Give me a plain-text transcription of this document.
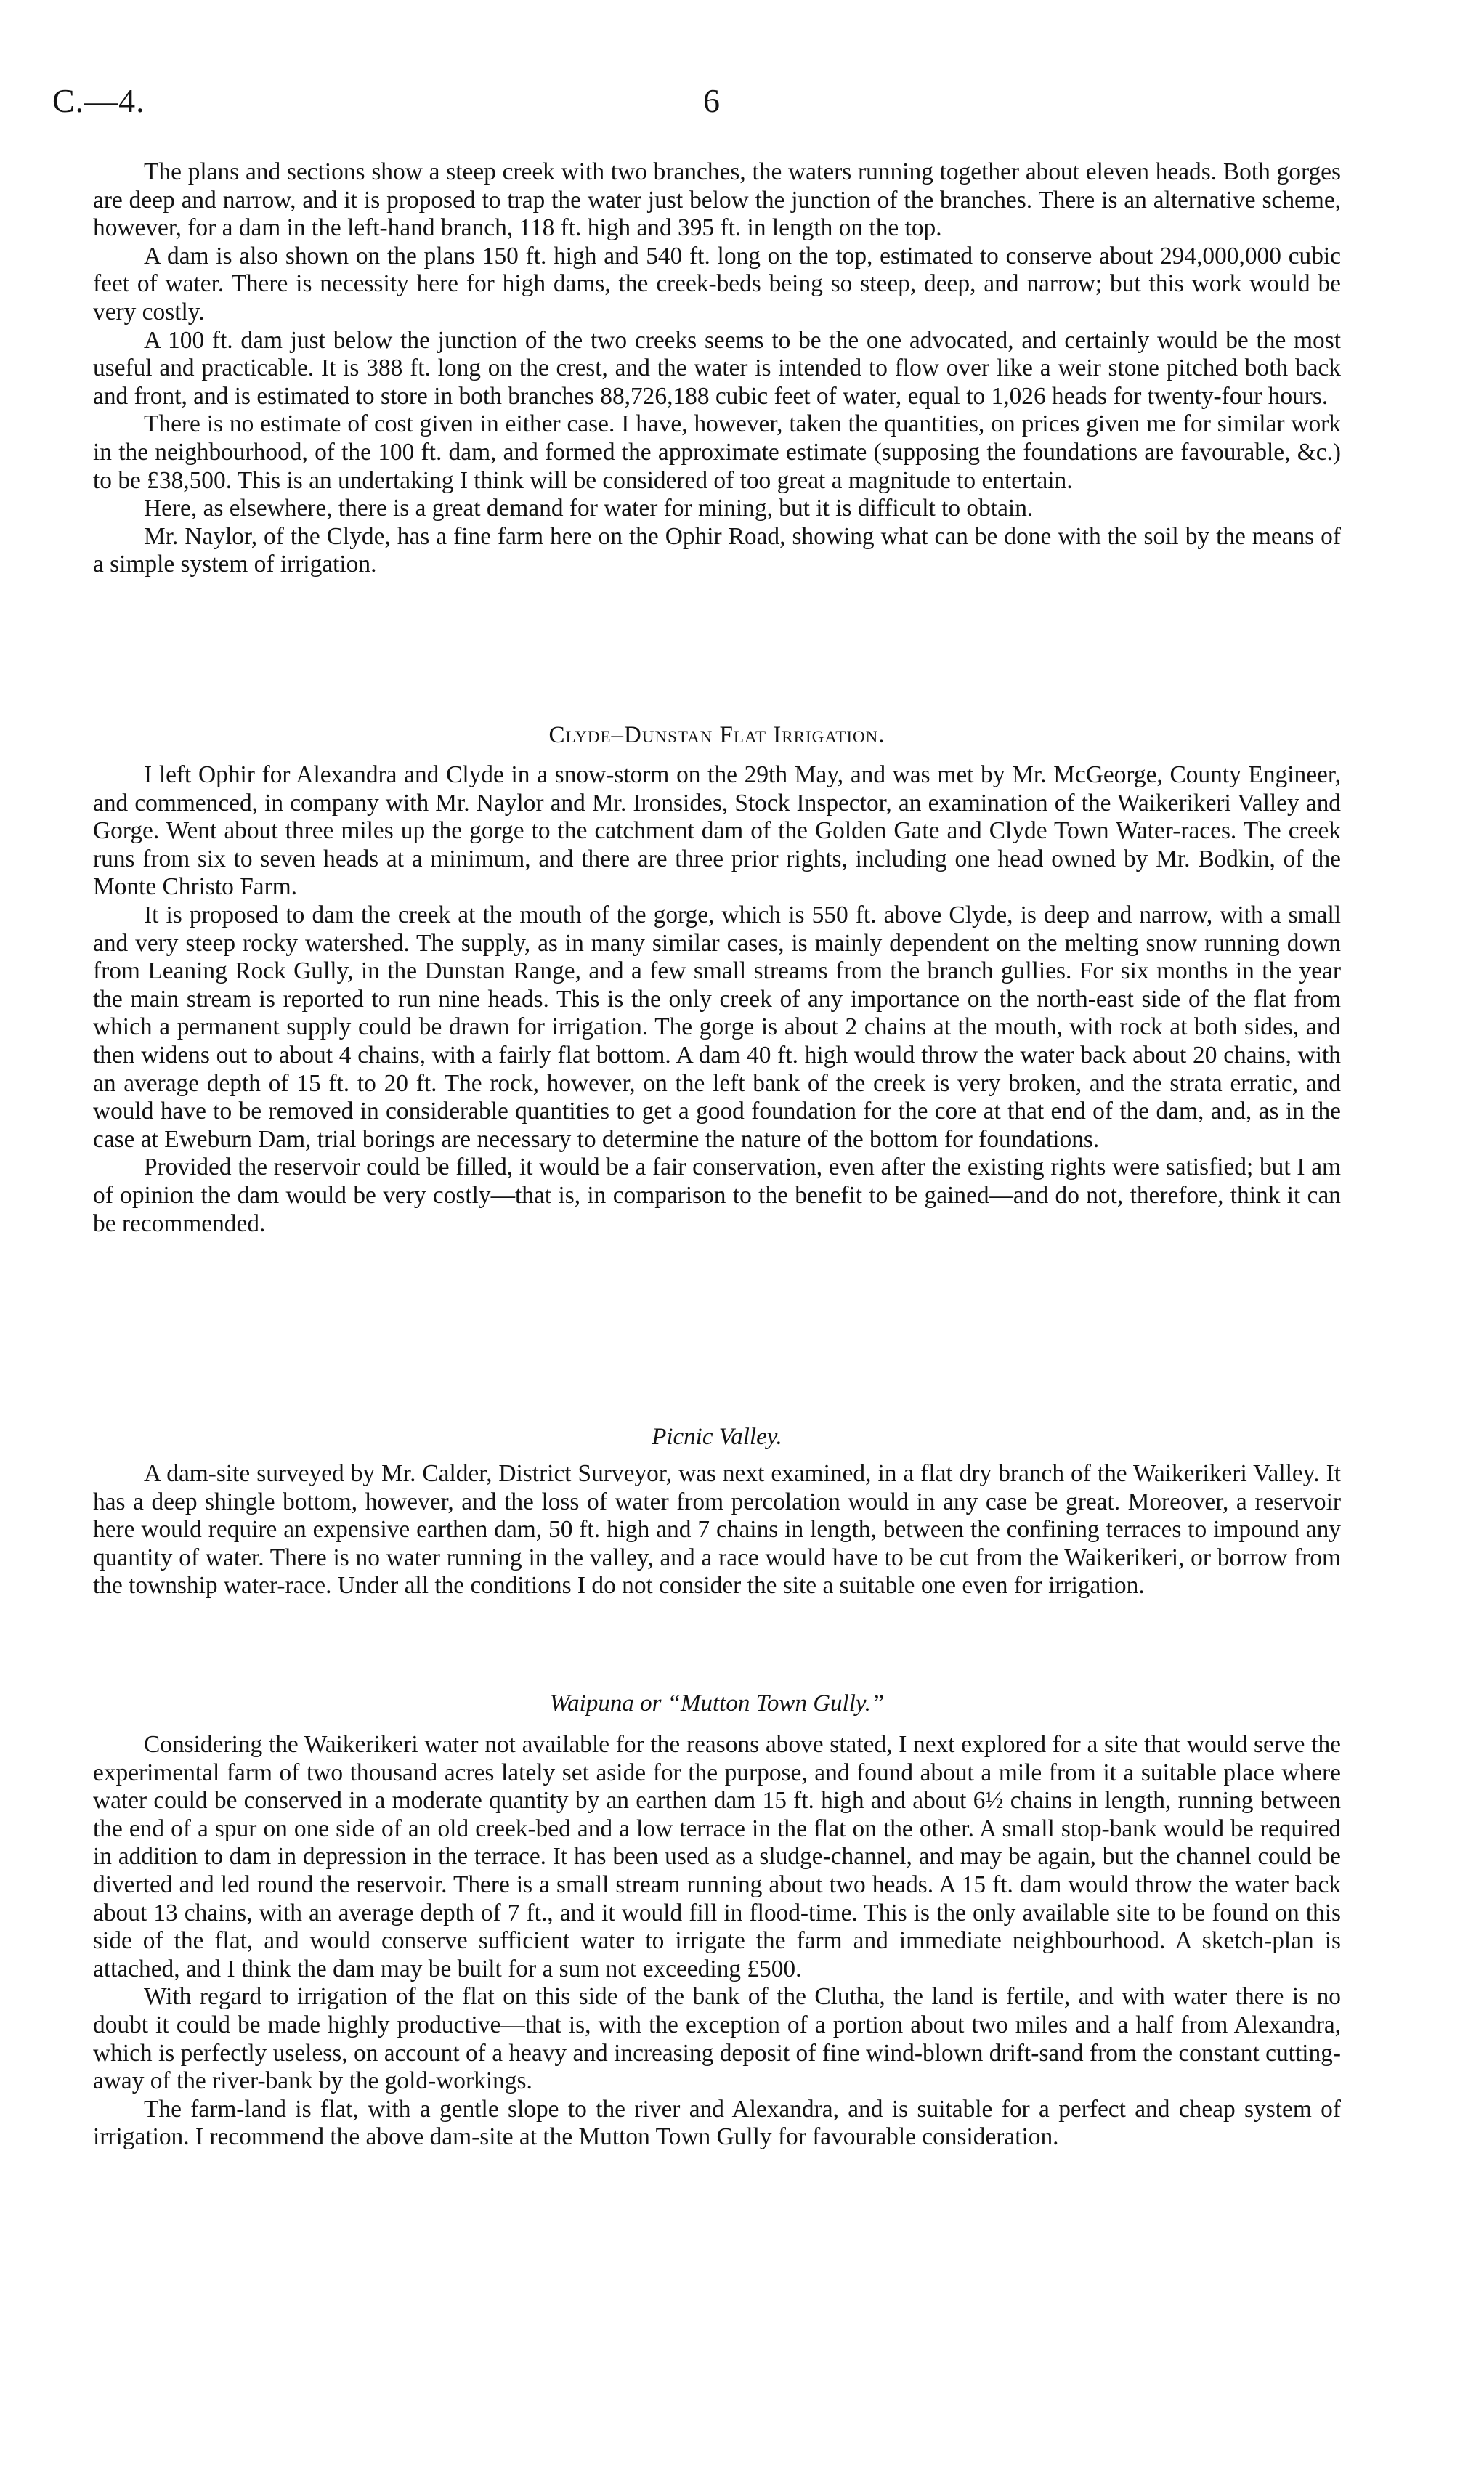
C.—4.	6

The plans and sections show a steep creek with two branches, the waters running together about eleven heads. Both gorges are deep and narrow, and it is proposed to trap the water just below the junction of the branches. There is an alternative scheme, however, for a dam in the left-hand branch, 118 ft. high and 395 ft. in length on the top.

A dam is also shown on the plans 150 ft. high and 540 ft. long on the top, estimated to conserve about 294,000,000 cubic feet of water. There is necessity here for high dams, the creek-beds being so steep, deep, and narrow; but this work would be very costly.

A 100 ft. dam just below the junction of the two creeks seems to be the one advocated, and certainly would be the most useful and practicable. It is 388 ft. long on the crest, and the water is intended to flow over like a weir stone pitched both back and front, and is estimated to store in both branches 88,726,188 cubic feet of water, equal to 1,026 heads for twenty-four hours.

There is no estimate of cost given in either case. I have, however, taken the quantities, on prices given me for similar work in the neighbourhood, of the 100 ft. dam, and formed the approximate estimate (supposing the foundations are favourable, &c.) to be £38,500. This is an undertaking I think will be considered of too great a magnitude to entertain.

Here, as elsewhere, there is a great demand for water for mining, but it is difficult to obtain.

Mr. Naylor, of the Clyde, has a fine farm here on the Ophir Road, showing what can be done with the soil by the means of a simple system of irrigation.

Clyde–Dunstan Flat Irrigation.

I left Ophir for Alexandra and Clyde in a snow-storm on the 29th May, and was met by Mr. McGeorge, County Engineer, and commenced, in company with Mr. Naylor and Mr. Ironsides, Stock Inspector, an examination of the Waikerikeri Valley and Gorge. Went about three miles up the gorge to the catchment dam of the Golden Gate and Clyde Town Water-races. The creek runs from six to seven heads at a minimum, and there are three prior rights, including one head owned by Mr. Bodkin, of the Monte Christo Farm.

It is proposed to dam the creek at the mouth of the gorge, which is 550 ft. above Clyde, is deep and narrow, with a small and very steep rocky watershed. The supply, as in many similar cases, is mainly dependent on the melting snow running down from Leaning Rock Gully, in the Dunstan Range, and a few small streams from the branch gullies. For six months in the year the main stream is reported to run nine heads. This is the only creek of any importance on the north-east side of the flat from which a permanent supply could be drawn for irrigation. The gorge is about 2 chains at the mouth, with rock at both sides, and then widens out to about 4 chains, with a fairly flat bottom. A dam 40 ft. high would throw the water back about 20 chains, with an average depth of 15 ft. to 20 ft. The rock, however, on the left bank of the creek is very broken, and the strata erratic, and would have to be removed in considerable quantities to get a good foundation for the core at that end of the dam, and, as in the case at Eweburn Dam, trial borings are necessary to determine the nature of the bottom for foundations.

Provided the reservoir could be filled, it would be a fair conservation, even after the existing rights were satisfied; but I am of opinion the dam would be very costly—that is, in comparison to the benefit to be gained—and do not, therefore, think it can be recommended.

Picnic Valley.

A dam-site surveyed by Mr. Calder, District Surveyor, was next examined, in a flat dry branch of the Waikerikeri Valley. It has a deep shingle bottom, however, and the loss of water from percolation would in any case be great. Moreover, a reservoir here would require an expensive earthen dam, 50 ft. high and 7 chains in length, between the confining terraces to impound any quantity of water. There is no water running in the valley, and a race would have to be cut from the Waikerikeri, or borrow from the township water-race. Under all the conditions I do not consider the site a suitable one even for irrigation.

Waipuna or “Mutton Town Gully.”

Considering the Waikerikeri water not available for the reasons above stated, I next explored for a site that would serve the experimental farm of two thousand acres lately set aside for the purpose, and found about a mile from it a suitable place where water could be conserved in a moderate quantity by an earthen dam 15 ft. high and about 6½ chains in length, running between the end of a spur on one side of an old creek-bed and a low terrace in the flat on the other. A small stop-bank would be required in addition to dam in depression in the terrace. It has been used as a sludge-channel, and may be again, but the channel could be diverted and led round the reservoir. There is a small stream running about two heads. A 15 ft. dam would throw the water back about 13 chains, with an average depth of 7 ft., and it would fill in flood-time. This is the only available site to be found on this side of the flat, and would conserve sufficient water to irrigate the farm and immediate neighbourhood. A sketch-plan is attached, and I think the dam may be built for a sum not exceeding £500.

With regard to irrigation of the flat on this side of the bank of the Clutha, the land is fertile, and with water there is no doubt it could be made highly productive—that is, with the exception of a portion about two miles and a half from Alexandra, which is perfectly useless, on account of a heavy and increasing deposit of fine wind-blown drift-sand from the constant cutting-away of the river-bank by the gold-workings.

The farm-land is flat, with a gentle slope to the river and Alexandra, and is suitable for a perfect and cheap system of irrigation. I recommend the above dam-site at the Mutton Town Gully for favourable consideration.
